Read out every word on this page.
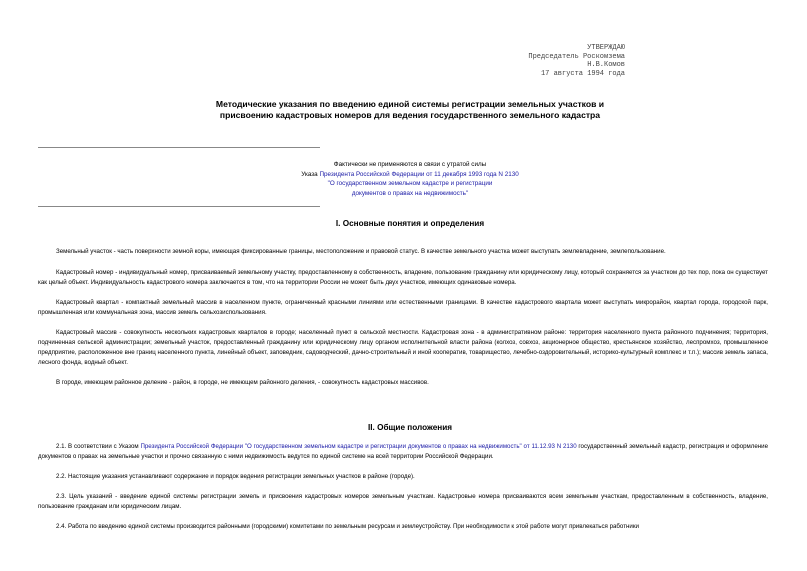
УТВЕРЖДАЮ
Председатель Роскомзема
Н.В.Комов
17 августа 1994 года
Методические указания по введению единой системы регистрации земельных участков и присвоению кадастровых номеров для ведения государственного земельного кадастра
Фактически не применяются в связи с утратой силы
Указа Президента Российской Федерации от 11 декабря 1993 года N 2130
"О государственном земельном кадастре и регистрации
документов о правах на недвижимость"
I. Основные понятия и определения
Земельный участок - часть поверхности земной коры, имеющая фиксированные границы, местоположение и правовой статус. В качестве земельного участка может выступать землевладение, землепользование.
Кадастровый номер - индивидуальный номер, присваиваемый земельному участку, предоставленному в собственность, владение, пользование гражданину или юридическому лицу, который сохраняется за участком до тех пор, пока он существует как целый объект. Индивидуальность кадастрового номера заключается в том, что на территории России не может быть двух участков, имеющих одинаковые номера.
Кадастровый квартал - компактный земельный массив в населенном пункте, ограниченный красными линиями или естественными границами. В качестве кадастрового квартала может выступать микрорайон, квартал города, городской парк, промышленная или коммунальная зона, массив земель сельхозиспользования.
Кадастровый массив - совокупность нескольких кадастровых кварталов в городе; населенный пункт в сельской местности. Кадастровая зона - в административном районе: территория населенного пункта районного подчинения; территория, подчиненная сельской администрации; земельный участок, предоставленный гражданину или юридическому лицу органом исполнительной власти района (колхоз, совхоз, акционерное общество, крестьянское хозяйство, леспромхоз, промышленное предприятие, расположенное вне границ населенного пункта, линейный объект, заповедник, садоводческий, дачно-строительный и иной кооператив, товарищество, лечебно-оздоровительный, историко-культурный комплекс и т.п.); массив земель запаса, лесного фонда, водный объект.
В городе, имеющем районное деление - район, в городе, не имеющем районного деления, - совокупность кадастровых массивов.
II. Общие положения
2.1. В соответствии с Указом Президента Российской Федерации "О государственном земельном кадастре и регистрации документов о правах на недвижимость" от 11.12.93 N 2130 государственный земельный кадастр, регистрация и оформление документов о правах на земельные участки и прочно связанную с ними недвижимость ведутся по единой системе на всей территории Российской Федерации.
2.2. Настоящие указания устанавливают содержание и порядок ведения регистрации земельных участков в районе (городе).
2.3. Цель указаний - введение единой системы регистрации земель и присвоения кадастровых номеров земельным участкам. Кадастровые номера присваиваются всем земельным участкам, предоставленным в собственность, владение, пользование гражданам или юридическим лицам.
2.4. Работа по введению единой системы производится районными (городскими) комитетами по земельным ресурсам и землеустройству. При необходимости к этой работе могут привлекаться работники
